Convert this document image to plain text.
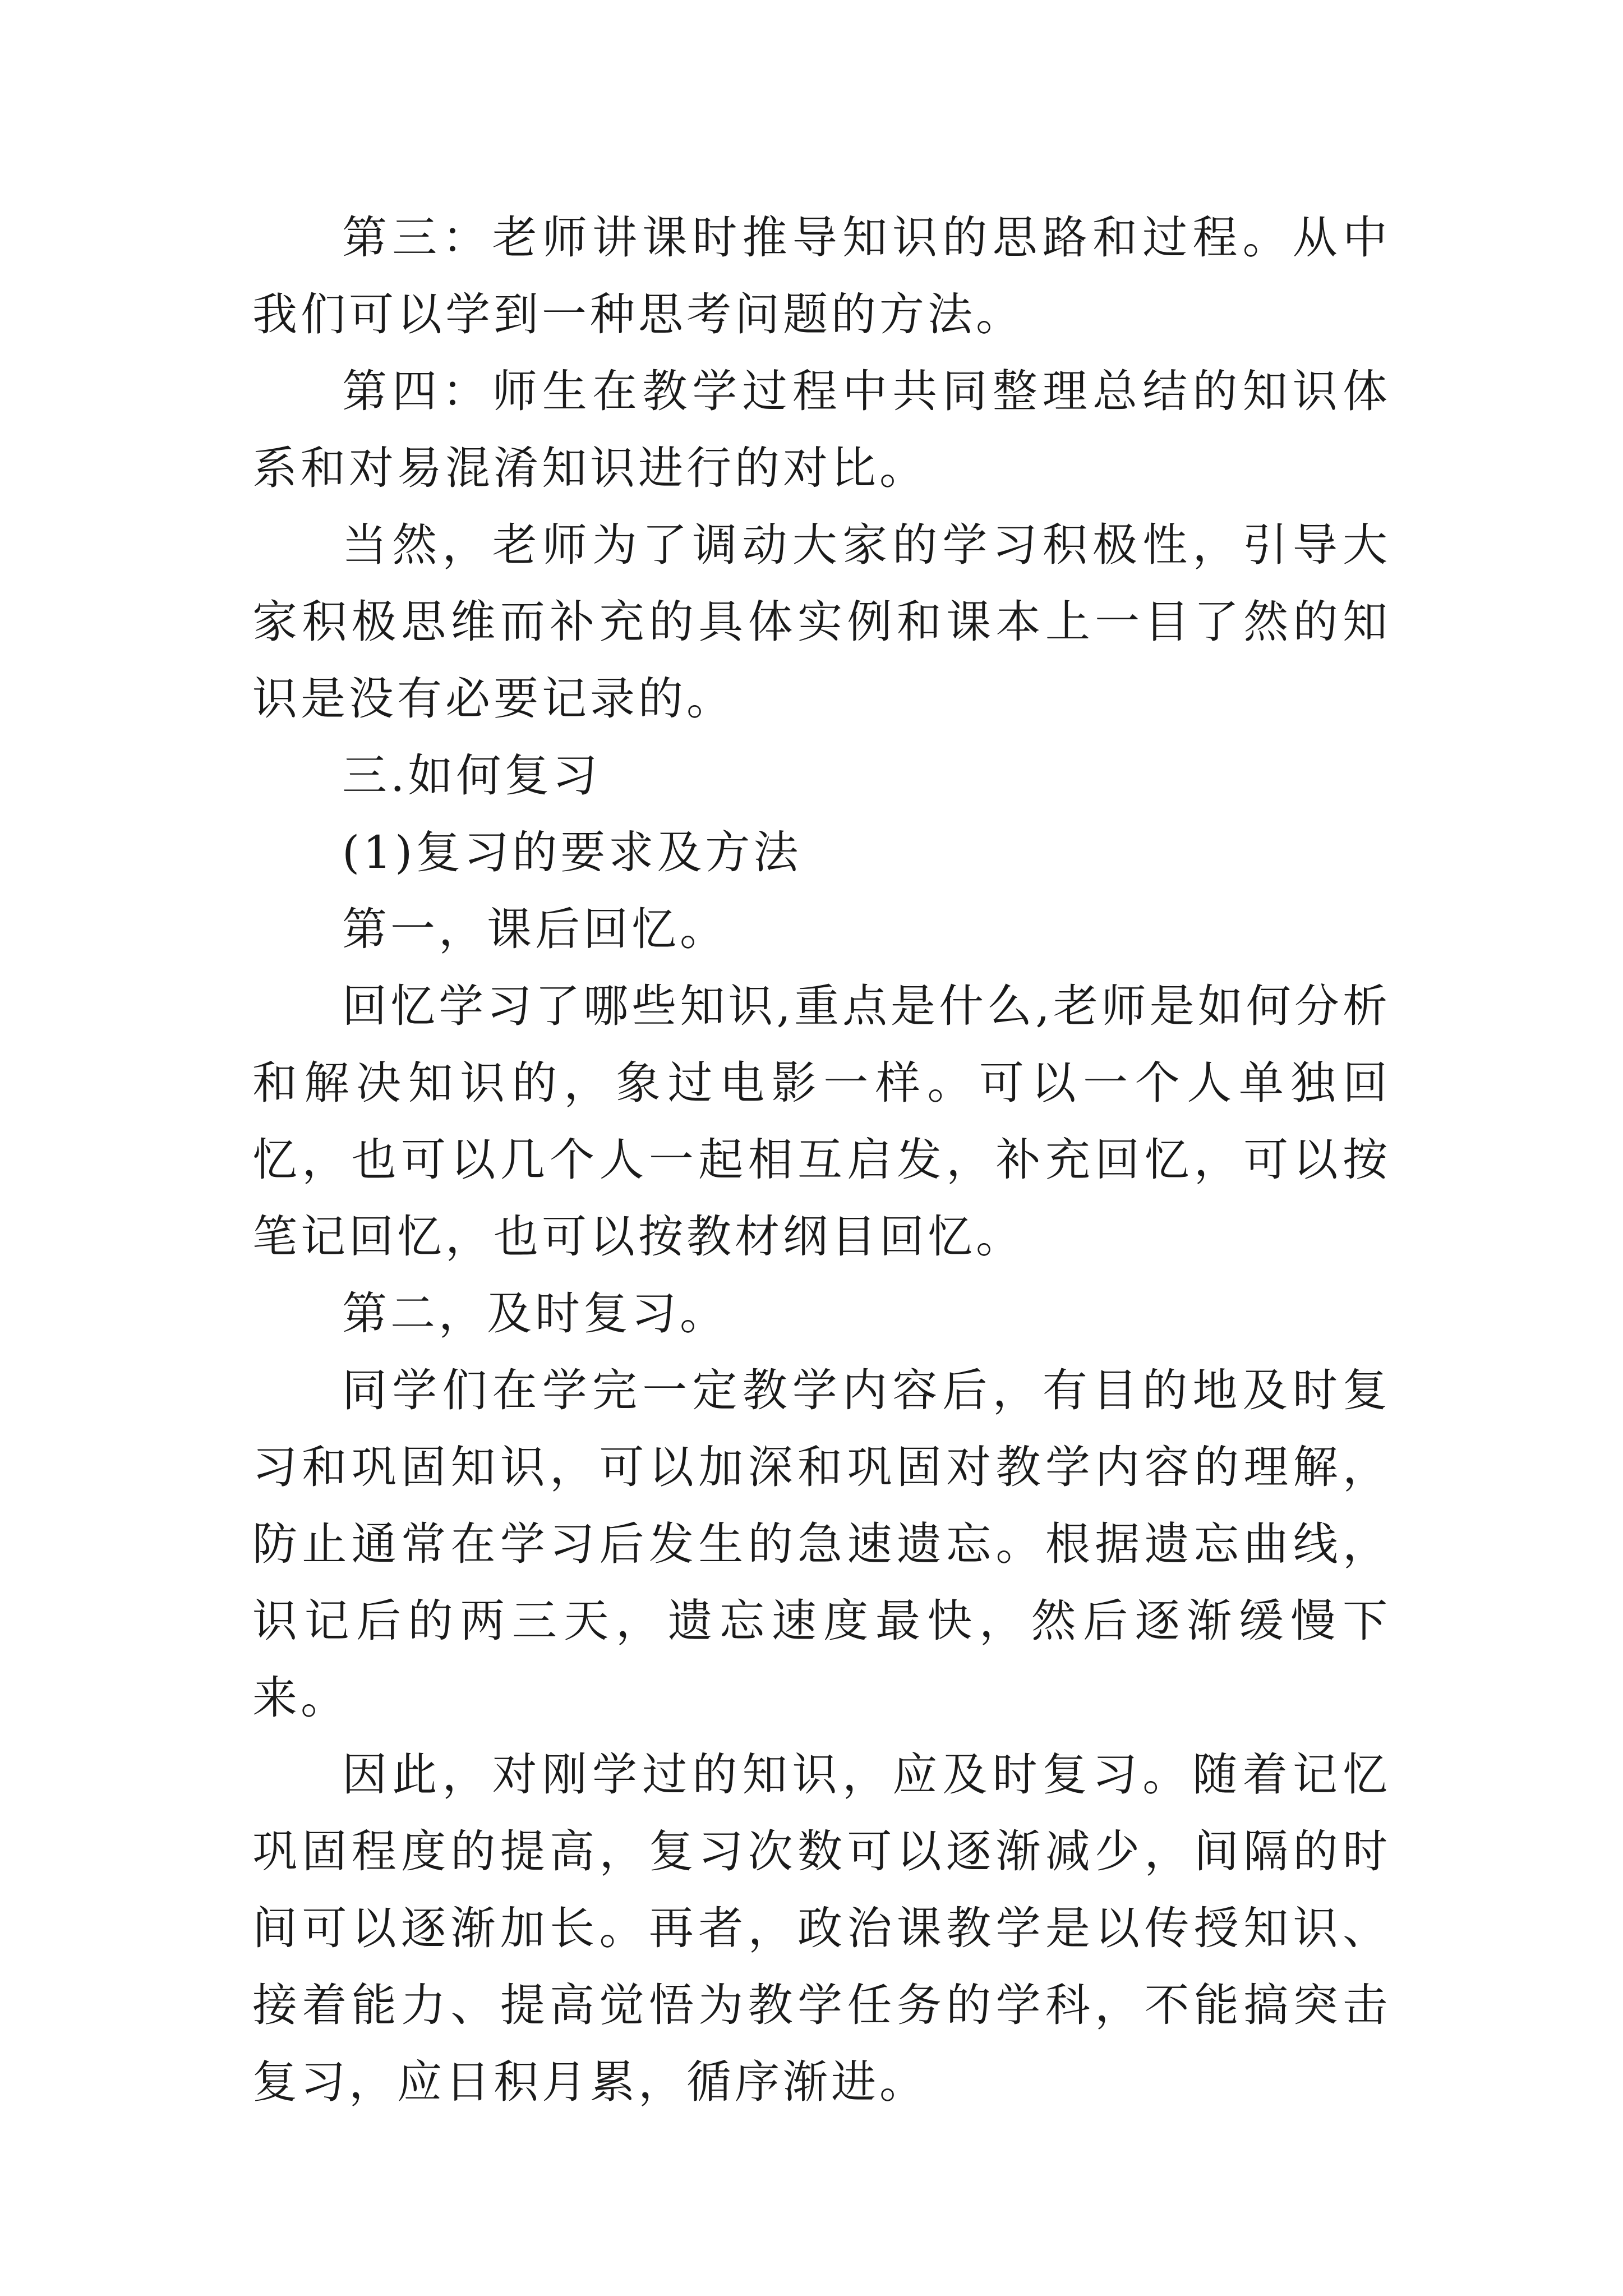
第三：老师讲课时推导知识的思路和过程。从中我们可以学到一种思考问题的方法。

第四：师生在教学过程中共同整理总结的知识体系和对易混淆知识进行的对比。

当然，老师为了调动大家的学习积极性，引导大家积极思维而补充的具体实例和课本上一目了然的知识是没有必要记录的。

三.如何复习

(1)复习的要求及方法

第一，课后回忆。

回忆学习了哪些知识,重点是什么,老师是如何分析和解决知识的，象过电影一样。可以一个人单独回忆，也可以几个人一起相互启发，补充回忆，可以按笔记回忆，也可以按教材纲目回忆。

第二，及时复习。

同学们在学完一定教学内容后，有目的地及时复习和巩固知识，可以加深和巩固对教学内容的理解，防止通常在学习后发生的急速遗忘。根据遗忘曲线，识记后的两三天，遗忘速度最快，然后逐渐缓慢下来。

因此，对刚学过的知识，应及时复习。随着记忆巩固程度的提高，复习次数可以逐渐减少，间隔的时间可以逐渐加长。再者，政治课教学是以传授知识、接着能力、提高觉悟为教学任务的学科，不能搞突击复习，应日积月累，循序渐进。
